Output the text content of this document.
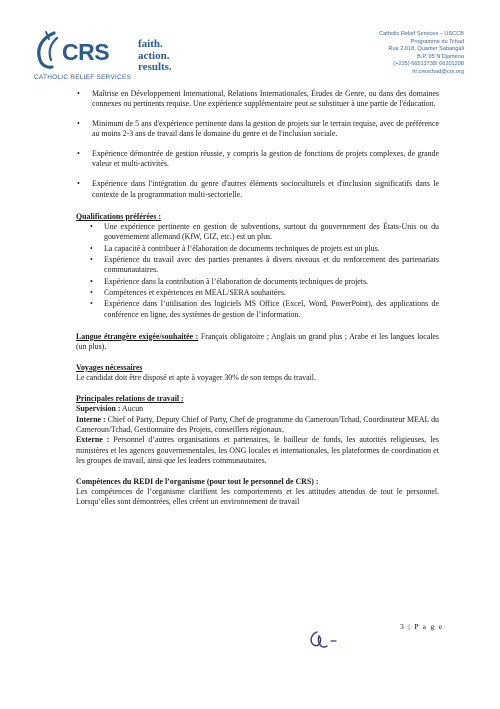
CRS	faith.
action.
results.
CATHOLIC RELIEF SERVICES
Catholic Relief Services – USCCB
Programme du Tchad
Rue 2.018, Quartier Sabangali
B.P. 95 N’Djamena
(+235) 66513738/ 66201298
hr.creschad@crs.org
• Maîtrise en Développement International, Relations Internationales, Études de Genre, ou dans des domaines connexes ou pertinents requise. Une expérience supplémentaire peut se substituer à une partie de l'éducation.
• Minimum de 5 ans d'expérience pertinente dans la gestion de projets sur le terrain requise, avec de préférence au moins 2-3 ans de travail dans le domaine du genre et de l'inclusion sociale.
• Expérience démontrée de gestion réussie, y compris la gestion de fonctions de projets complexes, de grande valeur et multi-activités.
• Expérience dans l'intégration du genre d'autres éléments socioculturels et d'inclusion significatifs dans le contexte de la programmation multi-sectorielle.

Qualifications préférées :

• Une expérience pertinente en gestion de subventions, surtout du gouvernement des États-Unis ou du gouvernement allemand (KfW, GIZ, etc.) est un plus.
• La capacité à contribuer à l’élaboration de documents techniques de projets est un plus.
• Expérience du travail avec des parties prenantes à divers niveaux et du renforcement des partenariats communautaires.
• Expérience dans la contribution à l’élaboration de documents techniques de projets.
• Compétences et expériences en MEAL/SERA souhaitées.
• Expérience dans l’utilisation des logiciels MS Office (Excel, Word, PowerPoint), des applications de conférence en ligne, des systèmes de gestion de l’information.

Langue étrangère exigée/souhaitée : Français obligatoire ; Anglais un grand plus ; Arabe et les langues locales (un plus).

Voyages nécessaires

Le candidat doit être disposé et apte à voyager 30% de son temps du travail.

Principales relations de travail :

Supervision : Aucun

Interne : Chief of Party, Deputy Chief of Party, Chef de programme du Cameroun/Tchad, Coordinateur MEAL du Cameroun/Tchad, Gestionnaire des Projets, conseillers régionaux.

Externe : Personnel d’autres organisations et partenaires, le bailleur de fonds, les autorités religieuses, les ministères et les agences gouvernementales, les ONG locales et internationales, les plateformes de coordination et les groupes de travail, ainsi que les leaders communautaires.

Compétences du REDI de l’organisme (pour tout le personnel de CRS) :

Les compétences de l’organisme clarifient les comportements et les attitudes attendus de tout le personnel. Lorsqu’elles sont démontrées, elles créent un environnement de travail

3 | P a g e
